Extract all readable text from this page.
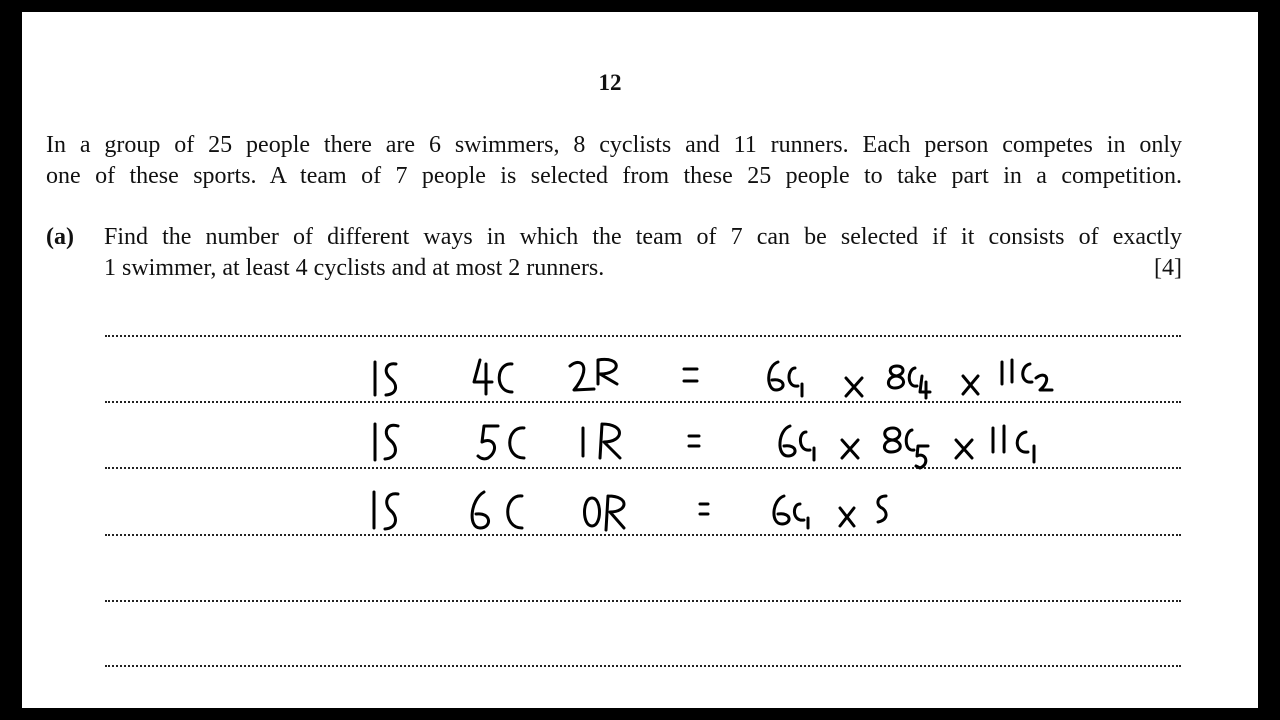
12
In a group of 25 people there are 6 swimmers, 8 cyclists and 11 runners. Each person competes in only
one of these sports. A team of 7 people is selected from these 25 people to take part in a competition.
(a) Find the number of different ways in which the team of 7 can be selected if it consists of exactly
1 swimmer, at least 4 cyclists and at most 2 runners.	[4]
